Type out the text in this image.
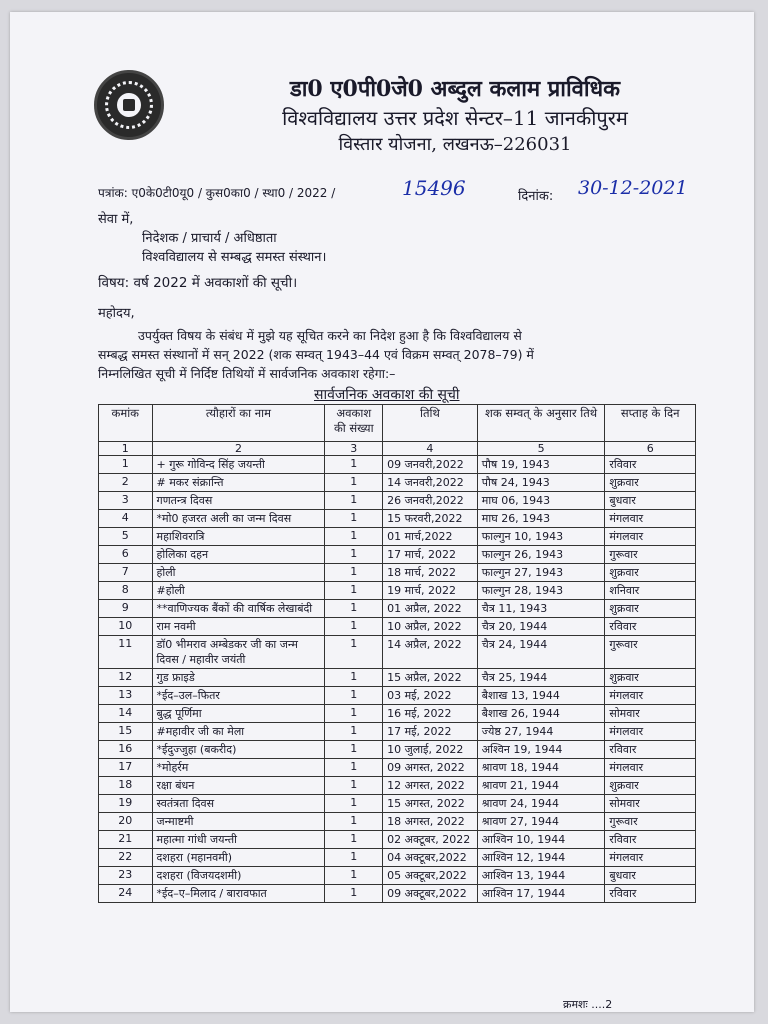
डा0 ए0पी0जे0 अब्दुल कलाम प्राविधिक
विश्वविद्यालय उत्तर प्रदेश सेन्टर–11 जानकीपुरम
विस्तार योजना, लखनऊ–226031
पत्रांक: ए0के0टी0यू0 / कुस0का0 / स्था0 / 2022 /	15496	दिनांक: 30-12-2021
सेवा में,
निदेशक / प्राचार्य / अधिष्ठाता
विश्वविद्यालय से सम्बद्ध समस्त संस्थान।
विषय: वर्ष 2022 में अवकाशों की सूची।
महोदय,
उपर्युक्त विषय के संबंध में मुझे यह सूचित करने का निदेश हुआ है कि विश्वविद्यालय से
सम्बद्ध समस्त संस्थानों में सन् 2022 (शक सम्वत् 1943–44 एवं विक्रम सम्वत् 2078–79) में
निम्नलिखित सूची में निर्दिष्ट तिथियों में सार्वजनिक अवकाश रहेगा:–
सार्वजनिक अवकाश की सूची
कमांक	त्यौहारों का नाम	अवकाश की संख्या	तिथि	शक सम्वत् के अनुसार तिथे	सप्ताह के दिन
1	2	3	4	5	6
1	+ गुरू गोविन्द सिंह जयन्ती	1	09 जनवरी,2022	पौष 19, 1943	रविवार
2	# मकर संक्रान्ति	1	14 जनवरी,2022	पौष 24, 1943	शुक्रवार
3	गणतन्त्र दिवस	1	26 जनवरी,2022	माघ 06, 1943	बुधवार
4	*मो0 हजरत अली का जन्म दिवस	1	15 फरवरी,2022	माघ 26, 1943	मंगलवार
5	महाशिवरात्रि	1	01 मार्च,2022	फाल्गुन 10, 1943	मंगलवार
6	होलिका दहन	1	17 मार्च, 2022	फाल्गुन 26, 1943	गुरूवार
7	होली	1	18 मार्च, 2022	फाल्गुन 27, 1943	शुक्रवार
8	#होली	1	19 मार्च, 2022	फाल्गुन 28, 1943	शनिवार
9	**वाणिज्यक बैंकों की वार्षिक लेखाबंदी	1	01 अप्रैल, 2022	चैत्र 11, 1943	शुक्रवार
10	राम नवमी	1	10 अप्रैल, 2022	चैत्र 20, 1944	रविवार
11	डॉ0 भीमराव अम्बेडकर जी का जन्म दिवस / महावीर जयंती	1	14 अप्रैल, 2022	चैत्र 24, 1944	गुरूवार
12	गुड फ्राइडे	1	15 अप्रैल, 2022	चैत्र 25, 1944	शुक्रवार
13	*ईद–उल–फितर	1	03 मई, 2022	बैशाख 13, 1944	मंगलवार
14	बुद्ध पूर्णिमा	1	16 मई, 2022	बैशाख 26, 1944	सोमवार
15	#महावीर जी का मेला	1	17 मई, 2022	ज्येष्ठ 27, 1944	मंगलवार
16	*ईदुज्जुहा (बकरीद)	1	10 जुलाई, 2022	अश्विन 19, 1944	रविवार
17	*मोहर्रम	1	09 अगस्त, 2022	श्रावण 18, 1944	मंगलवार
18	रक्षा बंधन	1	12 अगस्त, 2022	श्रावण 21, 1944	शुक्रवार
19	स्वतंत्रता दिवस	1	15 अगस्त, 2022	श्रावण 24, 1944	सोमवार
20	जन्माष्टमी	1	18 अगस्त, 2022	श्रावण 27, 1944	गुरूवार
21	महात्मा गांधी जयन्ती	1	02 अक्टूबर, 2022	आश्विन 10, 1944	रविवार
22	दशहरा (महानवमी)	1	04 अक्टूबर,2022	आश्विन 12, 1944	मंगलवार
23	दशहरा (विजयदशमी)	1	05 अक्टूबर,2022	आश्विन 13, 1944	बुधवार
24	*ईद–ए–मिलाद / बारावफात	1	09 अक्टूबर,2022	आश्विन 17, 1944	रविवार
क्रमशः ....2
